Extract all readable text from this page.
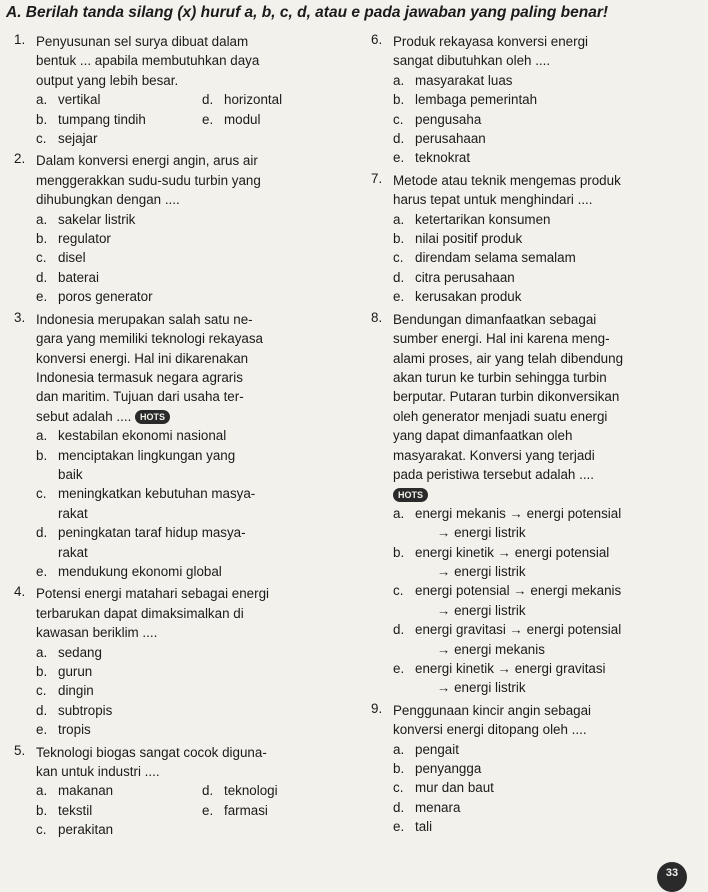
A. Berilah tanda silang (x) huruf a, b, c, d, atau e pada jawaban yang paling benar!
1. Penyusunan sel surya dibuat dalam
bentuk ... apabila membutuhkan daya
output yang lebih besar.
a. vertikal	d. horizontal
b. tumpang tindih	e. modul
c. sejajar
2. Dalam konversi energi angin, arus air
menggerakkan sudu-sudu turbin yang
dihubungkan dengan ....
a. sakelar listrik
b. regulator
c. disel
d. baterai
e. poros generator
3. Indonesia merupakan salah satu ne-
gara yang memiliki teknologi rekayasa
konversi energi. Hal ini dikarenakan
Indonesia termasuk negara agraris
dan maritim. Tujuan dari usaha ter-
sebut adalah .... HOTS
a. kestabilan ekonomi nasional
b. menciptakan lingkungan yang
baik
c. meningkatkan kebutuhan masya-
rakat
d. peningkatan taraf hidup masya-
rakat
e. mendukung ekonomi global
4. Potensi energi matahari sebagai energi
terbarukan dapat dimaksimalkan di
kawasan beriklim ....
a. sedang
b. gurun
c. dingin
d. subtropis
e. tropis
5. Teknologi biogas sangat cocok diguna-
kan untuk industri ....
a. makanan	d. teknologi
b. tekstil	e. farmasi
c. perakitan
6. Produk rekayasa konversi energi
sangat dibutuhkan oleh ....
a. masyarakat luas
b. lembaga pemerintah
c. pengusaha
d. perusahaan
e. teknokrat
7. Metode atau teknik mengemas produk
harus tepat untuk menghindari ....
a. ketertarikan konsumen
b. nilai positif produk
c. direndam selama semalam
d. citra perusahaan
e. kerusakan produk
8. Bendungan dimanfaatkan sebagai
sumber energi. Hal ini karena meng-
alami proses, air yang telah dibendung
akan turun ke turbin sehingga turbin
berputar. Putaran turbin dikonversikan
oleh generator menjadi suatu energi
yang dapat dimanfaatkan oleh
masyarakat. Konversi yang terjadi
pada peristiwa tersebut adalah ....
HOTS
a. energi mekanis → energi potensial
→ energi listrik
b. energi kinetik → energi potensial
→ energi listrik
c. energi potensial → energi mekanis
→ energi listrik
d. energi gravitasi → energi potensial
→ energi mekanis
e. energi kinetik → energi gravitasi
→ energi listrik
9. Penggunaan kincir angin sebagai
konversi energi ditopang oleh ....
a. pengait
b. penyangga
c. mur dan baut
d. menara
e. tali
33
